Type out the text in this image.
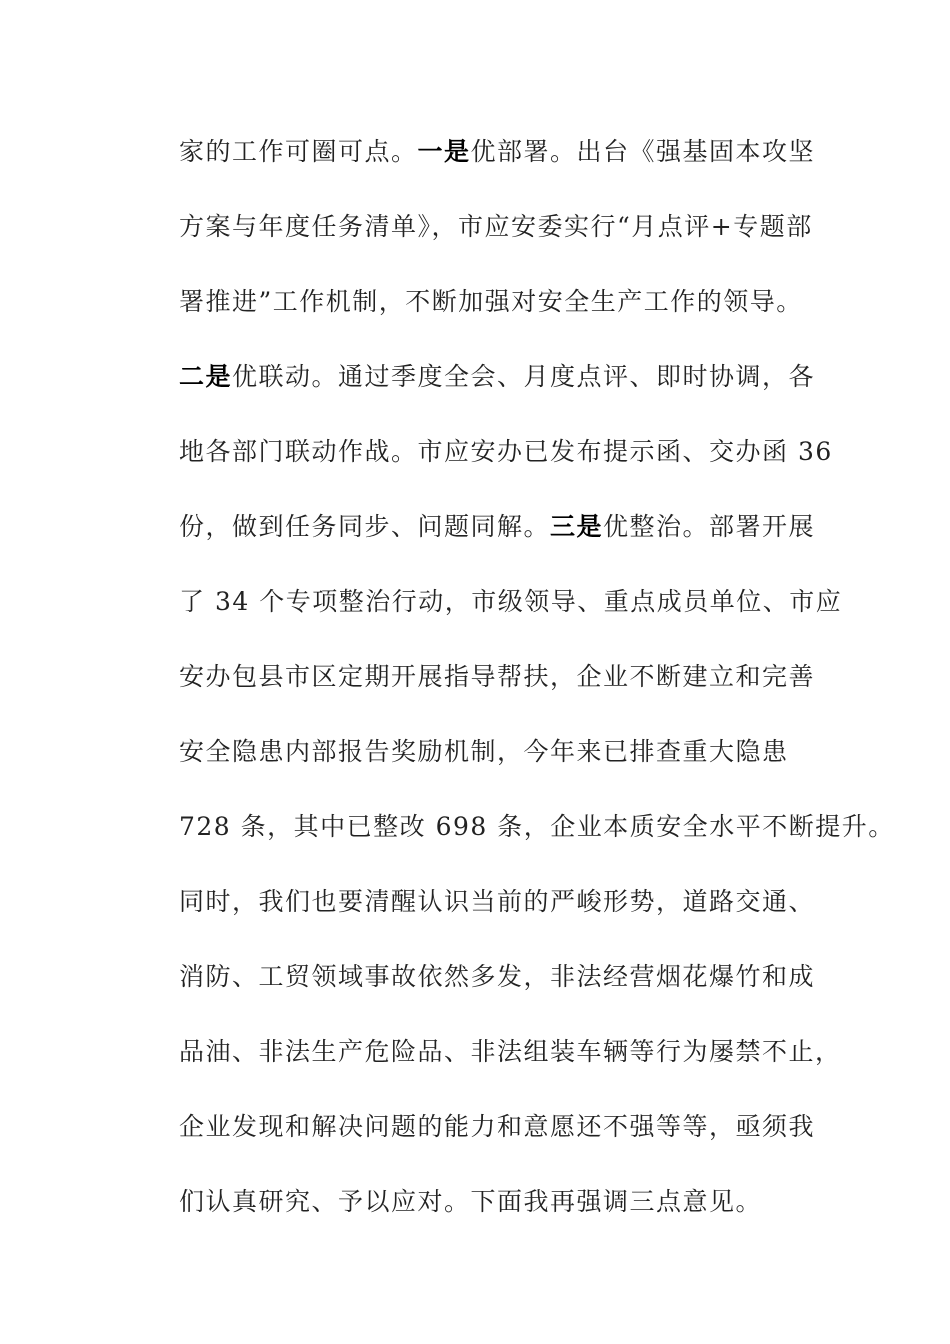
家的工作可圈可点。一是优部署。出台《强基固本攻坚
方案与年度任务清单》，市应安委实行“月点评+专题部
署推进”工作机制，不断加强对安全生产工作的领导。
二是优联动。通过季度全会、月度点评、即时协调，各
地各部门联动作战。市应安办已发布提示函、交办函 36
份，做到任务同步、问题同解。三是优整治。部署开展
了 34 个专项整治行动，市级领导、重点成员单位、市应
安办包县市区定期开展指导帮扶，企业不断建立和完善
安全隐患内部报告奖励机制，今年来已排查重大隐患
728 条，其中已整改 698 条，企业本质安全水平不断提升。
同时，我们也要清醒认识当前的严峻形势，道路交通、
消防、工贸领域事故依然多发，非法经营烟花爆竹和成
品油、非法生产危险品、非法组装车辆等行为屡禁不止，
企业发现和解决问题的能力和意愿还不强等等，亟须我
们认真研究、予以应对。下面我再强调三点意见。
